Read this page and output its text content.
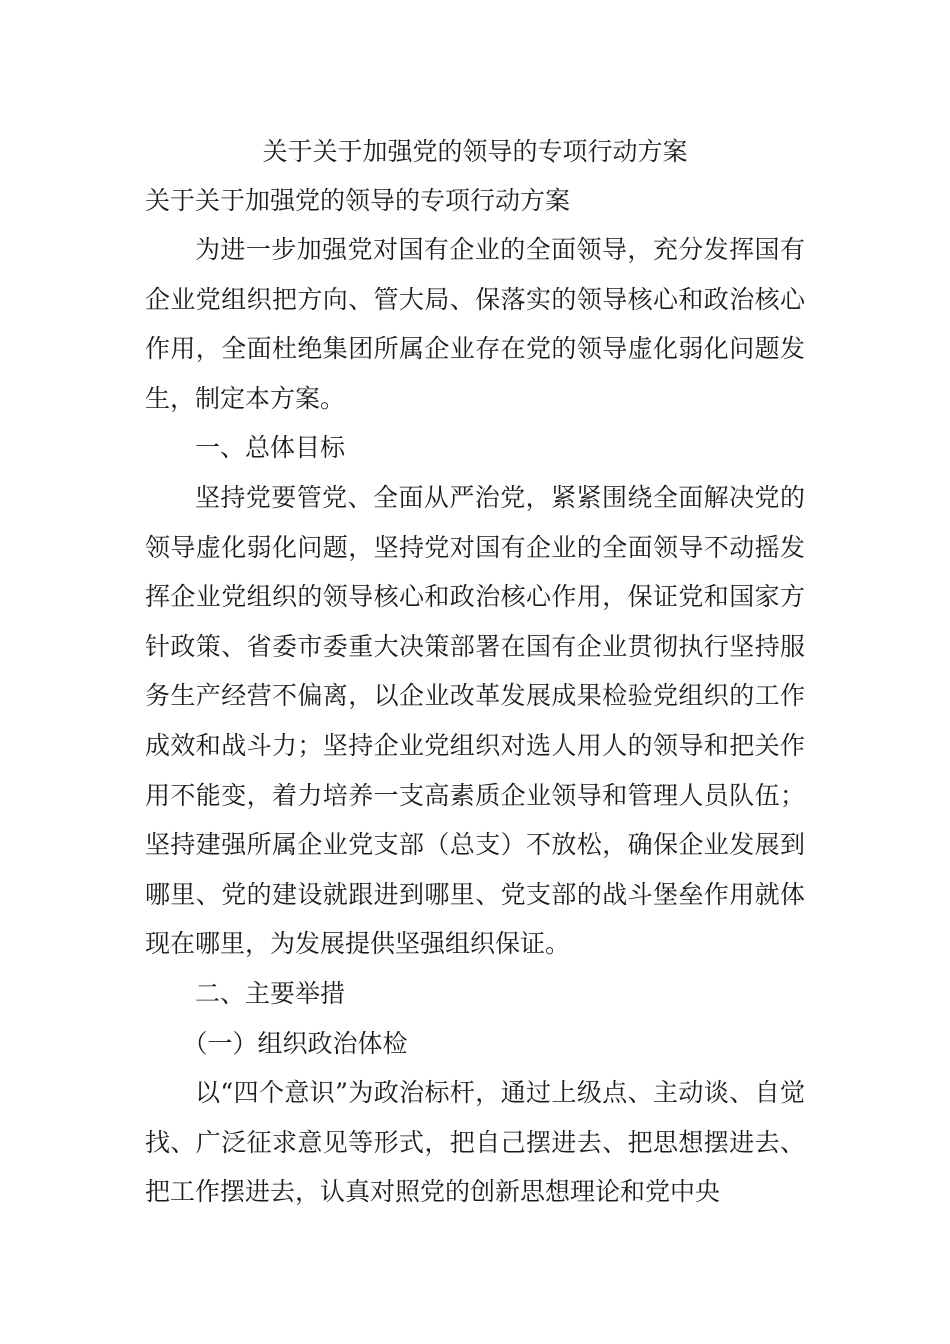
关于关于加强党的领导的专项行动方案
关于关于加强党的领导的专项行动方案

为进一步加强党对国有企业的全面领导，充分发挥国有企业党组织把方向、管大局、保落实的领导核心和政治核心作用，全面杜绝集团所属企业存在党的领导虚化弱化问题发生，制定本方案。

一、总体目标

坚持党要管党、全面从严治党，紧紧围绕全面解决党的领导虚化弱化问题，坚持党对国有企业的全面领导不动摇发挥企业党组织的领导核心和政治核心作用，保证党和国家方针政策、省委市委重大决策部署在国有企业贯彻执行坚持服务生产经营不偏离，以企业改革发展成果检验党组织的工作成效和战斗力；坚持企业党组织对选人用人的领导和把关作用不能变，着力培养一支高素质企业领导和管理人员队伍；坚持建强所属企业党支部（总支）不放松，确保企业发展到哪里、党的建设就跟进到哪里、党支部的战斗堡垒作用就体现在哪里，为发展提供坚强组织保证。

二、主要举措

（一）组织政治体检

以“四个意识”为政治标杆，通过上级点、主动谈、自觉找、广泛征求意见等形式，把自己摆进去、把思想摆进去、把工作摆进去，认真对照党的创新思想理论和党中央
